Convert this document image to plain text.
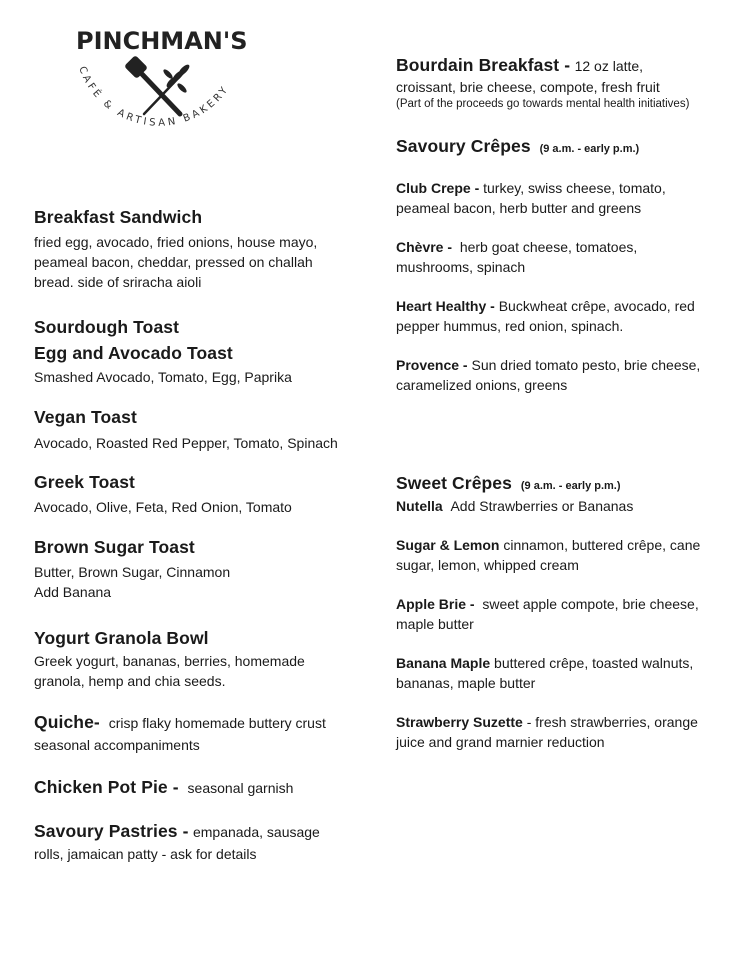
PINCHMAN'S
CAFÉ & ARTISAN BAKERY
Breakfast Sandwich
fried egg, avocado, fried onions, house mayo,
peameal bacon, cheddar, pressed on challah
bread. side of sriracha aioli
Sourdough Toast
Egg and Avocado Toast
Smashed Avocado, Tomato, Egg, Paprika
Vegan Toast
Avocado, Roasted Red Pepper, Tomato, Spinach
Greek Toast
Avocado, Olive, Feta, Red Onion, Tomato
Brown Sugar Toast
Butter, Brown Sugar, Cinnamon
Add Banana
Yogurt Granola Bowl
Greek yogurt, bananas, berries, homemade
granola, hemp and chia seeds.
Quiche- crisp flaky homemade buttery crust
seasonal accompaniments
Chicken Pot Pie - seasonal garnish
Savoury Pastries - empanada, sausage
rolls, jamaican patty - ask for details
Bourdain Breakfast - 12 oz latte,
croissant, brie cheese, compote, fresh fruit
(Part of the proceeds go towards mental health initiatives)
Savoury Crêpes (9 a.m. - early p.m.)
Club Crepe - turkey, swiss cheese, tomato,
peameal bacon, herb butter and greens
Chèvre - herb goat cheese, tomatoes,
mushrooms, spinach
Heart Healthy - Buckwheat crêpe, avocado, red
pepper hummus, red onion, spinach.
Provence - Sun dried tomato pesto, brie cheese,
caramelized onions, greens
Sweet Crêpes (9 a.m. - early p.m.)
Nutella Add Strawberries or Bananas
Sugar & Lemon cinnamon, buttered crêpe, cane
sugar, lemon, whipped cream
Apple Brie - sweet apple compote, brie cheese,
maple butter
Banana Maple buttered crêpe, toasted walnuts,
bananas, maple butter
Strawberry Suzette - fresh strawberries, orange
juice and grand marnier reduction
